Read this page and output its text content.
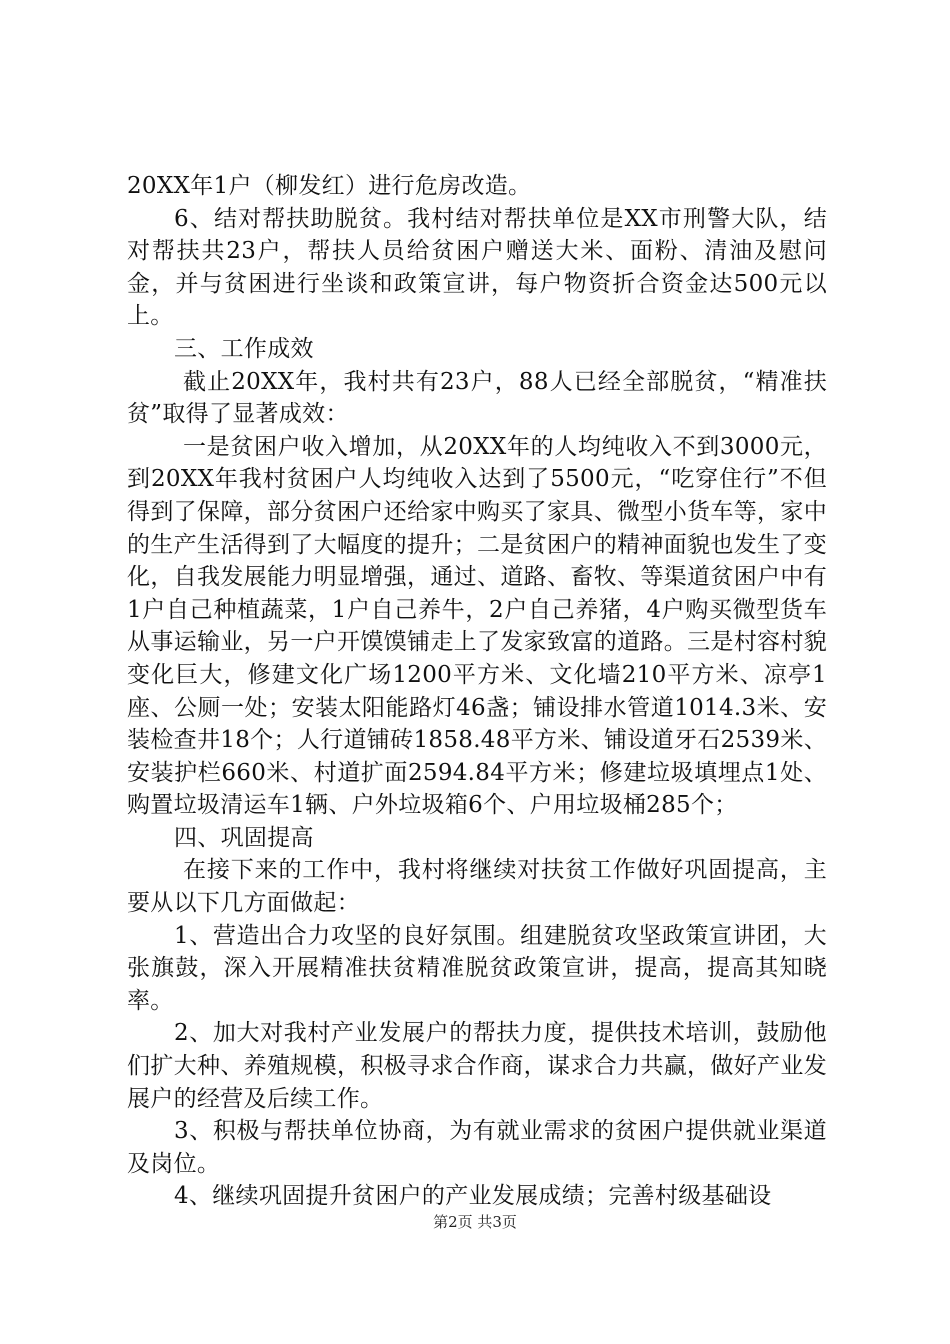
20XX年1户（柳发红）进行危房改造。

6、结对帮扶助脱贫。我村结对帮扶单位是XX市刑警大队，结对帮扶共23户，帮扶人员给贫困户赠送大米、面粉、清油及慰问金，并与贫困进行坐谈和政策宣讲，每户物资折合资金达500元以上。

三、工作成效

截止20XX年，我村共有23户，88人已经全部脱贫，“精准扶贫”取得了显著成效：

一是贫困户收入增加，从20XX年的人均纯收入不到3000元，到20XX年我村贫困户人均纯收入达到了5500元，“吃穿住行”不但得到了保障，部分贫困户还给家中购买了家具、微型小货车等，家中的生产生活得到了大幅度的提升；二是贫困户的精神面貌也发生了变化，自我发展能力明显增强，通过、道路、畜牧、等渠道贫困户中有1户自己种植蔬菜，1户自己养牛，2户自己养猪，4户购买微型货车从事运输业，另一户开馍馍铺走上了发家致富的道路。三是村容村貌变化巨大，修建文化广场1200平方米、文化墙210平方米、凉亭1座、公厕一处；安装太阳能路灯46盏；铺设排水管道1014.3米、安装检查井18个；人行道铺砖1858.48平方米、铺设道牙石2539米、安装护栏660米、村道扩面2594.84平方米；修建垃圾填埋点1处、购置垃圾清运车1辆、户外垃圾箱6个、户用垃圾桶285个；

四、巩固提高

在接下来的工作中，我村将继续对扶贫工作做好巩固提高，主要从以下几方面做起：

1、营造出合力攻坚的良好氛围。组建脱贫攻坚政策宣讲团，大张旗鼓，深入开展精准扶贫精准脱贫政策宣讲，提高，提高其知晓率。

2、加大对我村产业发展户的帮扶力度，提供技术培训，鼓励他们扩大种、养殖规模，积极寻求合作商，谋求合力共赢，做好产业发展户的经营及后续工作。

3、积极与帮扶单位协商，为有就业需求的贫困户提供就业渠道及岗位。

4、继续巩固提升贫困户的产业发展成绩；完善村级基础设

第2页 共3页
